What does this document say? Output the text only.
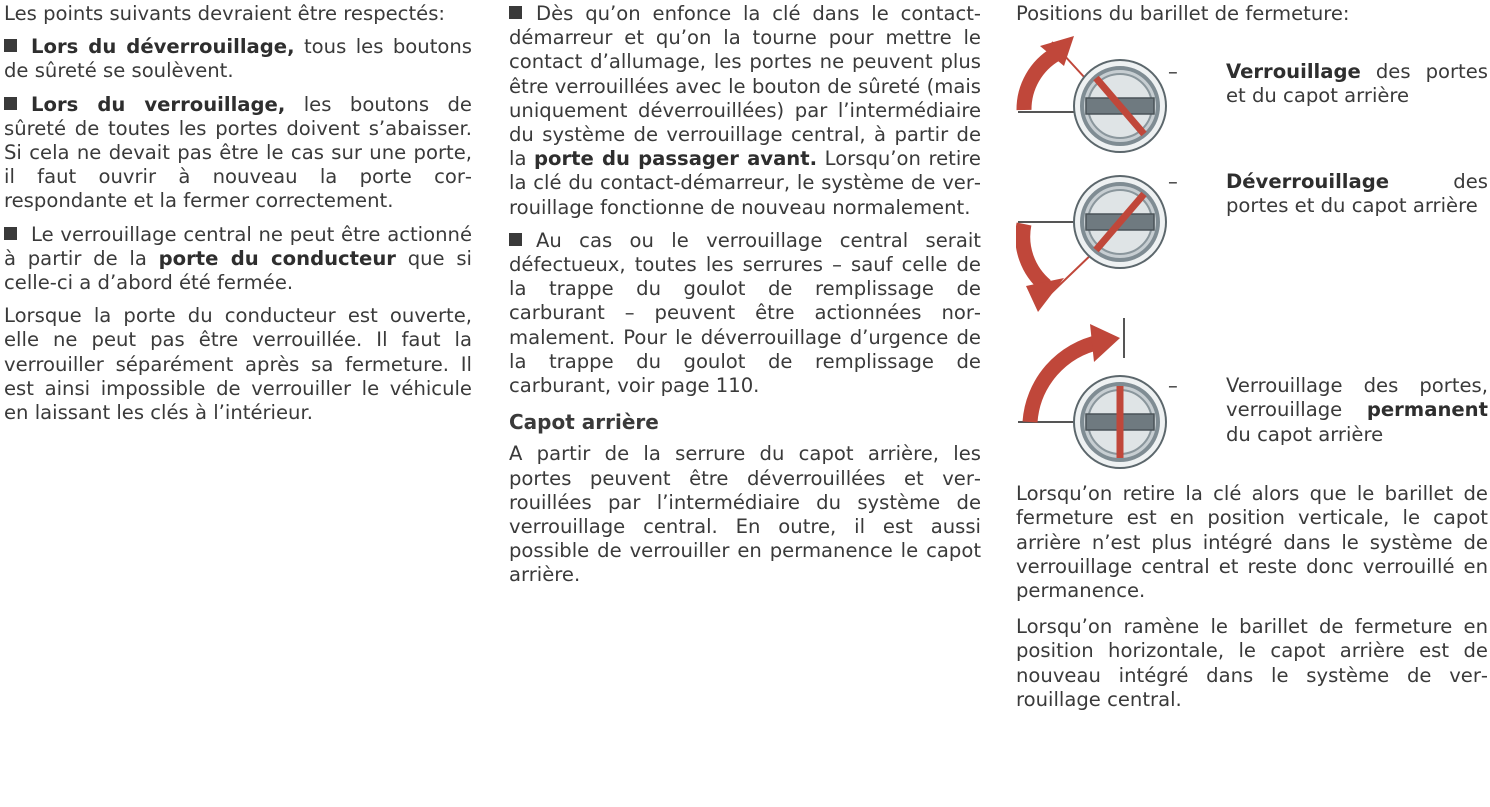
Les points suivants devraient être respectés:

Lors du déverrouillage, tous les boutons de sûreté se soulèvent.

Lors du verrouillage, les boutons de sûreté de toutes les portes doivent s’abaisser. Si cela ne devait pas être le cas sur une porte, il faut ouvrir à nouveau la porte correspondante et la fermer correctement.

Le verrouillage central ne peut être actionné à partir de la porte du conducteur que si celle-ci a d’abord été fermée.

Lorsque la porte du conducteur est ouverte, elle ne peut pas être verrouillée. Il faut la verrouiller séparément après sa fermeture. Il est ainsi impossible de verrouiller le véhicule en laissant les clés à l’intérieur.

Dès qu’on enfonce la clé dans le contact-démarreur et qu’on la tourne pour mettre le contact d’allumage, les portes ne peuvent plus être verrouillées avec le bouton de sûreté (mais uniquement déverrouillées) par l’intermédiaire du système de verrouillage central, à partir de la porte du passager avant. Lorsqu’on retire la clé du contact-démarreur, le système de verrouillage fonctionne de nouveau normalement.

Au cas ou le verrouillage central serait défectueux, toutes les serrures – sauf celle de la trappe du goulot de remplissage de carburant – peuvent être actionnées normalement. Pour le déverrouillage d’urgence de la trappe du goulot de remplissage de carburant, voir page 110.

Capot arrière

A partir de la serrure du capot arrière, les portes peuvent être déverrouillées et verrouillées par l’intermédiaire du système de verrouillage central. En outre, il est aussi possible de verrouiller en permanence le capot arrière.

Positions du barillet de fermeture:

– Verrouillage des portes et du capot arrière
– Déverrouillage des portes et du capot arrière
– Verrouillage des portes, verrouillage permanent du capot arrière

Lorsqu’on retire la clé alors que le barillet de fermeture est en position verticale, le capot arrière n’est plus intégré dans le système de verrouillage central et reste donc verrouillé en permanence.

Lorsqu’on ramène le barillet de fermeture en position horizontale, le capot arrière est de nouveau intégré dans le système de verrouillage central.
